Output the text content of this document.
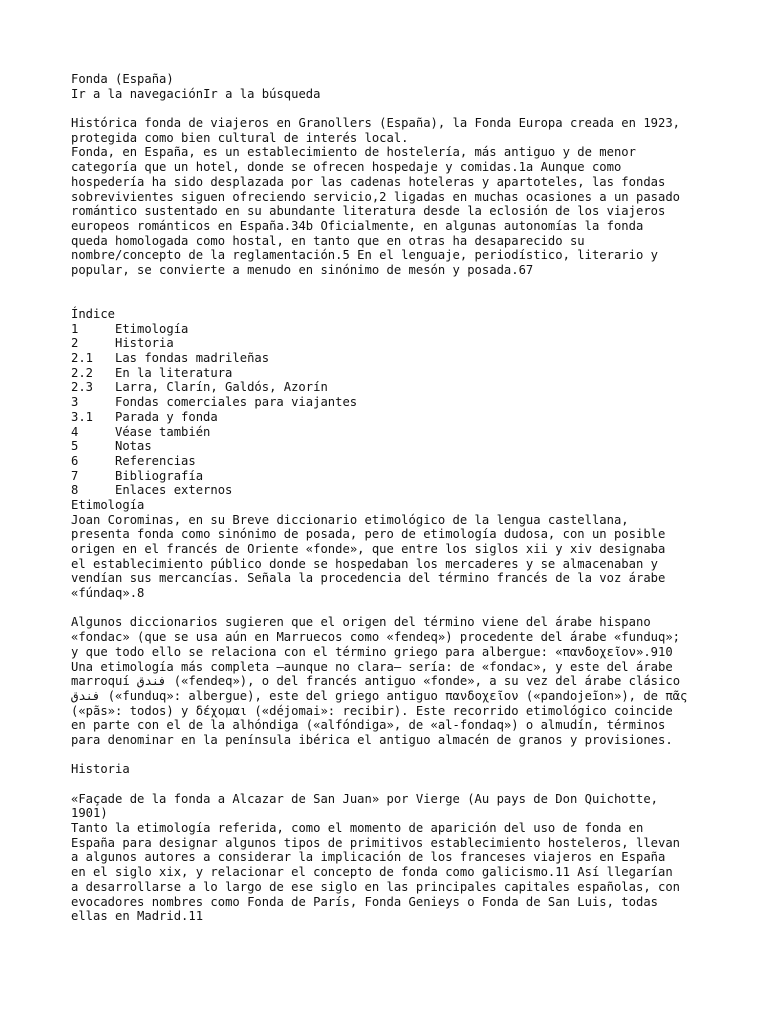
Fonda (España)
Ir a la navegaciónIr a la búsqueda
Histórica fonda de viajeros en Granollers (España), la Fonda Europa creada en 1923,
protegida como bien cultural de interés local.
Fonda, en España, es un establecimiento de hostelería, más antiguo y de menor
categoría que un hotel, donde se ofrecen hospedaje y comidas.1a Aunque como
hospedería ha sido desplazada por las cadenas hoteleras y apartoteles, las fondas
sobrevivientes siguen ofreciendo servicio,2 ligadas en muchas ocasiones a un pasado
romántico sustentado en su abundante literatura desde la eclosión de los viajeros
europeos románticos en España.34b Oficialmente, en algunas autonomías la fonda
queda homologada como hostal, en tanto que en otras ha desaparecido su
nombre/concepto de la reglamentación.5 En el lenguaje, periodístico, literario y
popular, se convierte a menudo en sinónimo de mesón y posada.67
Índice
1	Etimología
2	Historia
2.1	Las fondas madrileñas
2.2	En la literatura
2.3	Larra, Clarín, Galdós, Azorín
3	Fondas comerciales para viajantes
3.1	Parada y fonda
4	Véase también
5	Notas
6	Referencias
7	Bibliografía
8	Enlaces externos
Etimología
Joan Corominas, en su Breve diccionario etimológico de la lengua castellana,
presenta fonda como sinónimo de posada, pero de etimología dudosa, con un posible
origen en el francés de Oriente «fonde», que entre los siglos xii y xiv designaba
el establecimiento público donde se hospedaban los mercaderes y se almacenaban y
vendían sus mercancías. Señala la procedencia del término francés de la voz árabe
«fúndaq».8
Algunos diccionarios sugieren que el origen del término viene del árabe hispano
«fondac» (que se usa aún en Marruecos como «fendeq») procedente del árabe «funduq»;
y que todo ello se relaciona con el término griego para albergue: «πανδοχεῖον».910
Una etimología más completa –aunque no clara– sería: de «fondac», y este del árabe
marroquí فندق («fendeq»), o del francés antiguo «fonde», a su vez del árabe clásico
فندق («funduq»: albergue), este del griego antiguo πανδοχεῖον («pandojeĩon»), de πᾶς
(«pãs»: todos) y δέχομαι («déjomai»: recibir). Este recorrido etimológico coincide
en parte con el de la alhóndiga («alfóndiga», de «al-fondaq») o almudín, términos
para denominar en la península ibérica el antiguo almacén de granos y provisiones.
Historia
«Façade de la fonda a Alcazar de San Juan» por Vierge (Au pays de Don Quichotte,
1901)
Tanto la etimología referida, como el momento de aparición del uso de fonda en
España para designar algunos tipos de primitivos establecimiento hosteleros, llevan
a algunos autores a considerar la implicación de los franceses viajeros en España
en el siglo xix, y relacionar el concepto de fonda como galicismo.11 Así llegarían
a desarrollarse a lo largo de ese siglo en las principales capitales españolas, con
evocadores nombres como Fonda de París, Fonda Genieys o Fonda de San Luis, todas
ellas en Madrid.11
